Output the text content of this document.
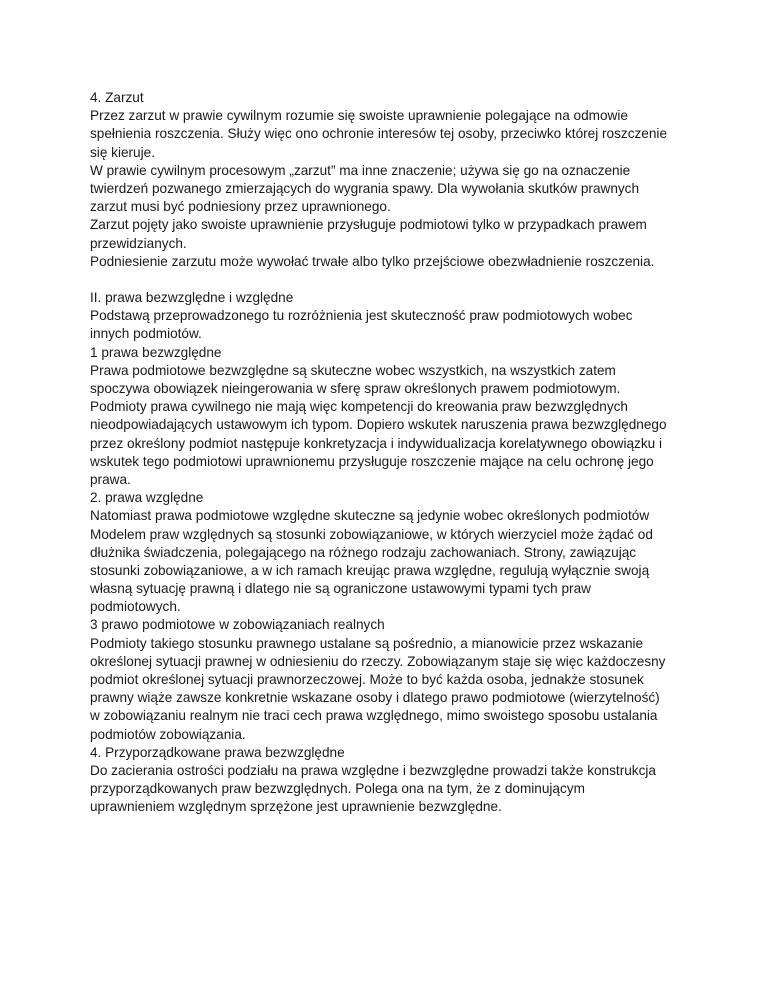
4. Zarzut
Przez zarzut w prawie cywilnym rozumie się swoiste uprawnienie polegające na odmowie
spełnienia roszczenia. Służy więc ono ochronie interesów tej osoby, przeciwko której roszczenie
się kieruje.
W prawie cywilnym procesowym „zarzut” ma inne znaczenie; używa się go na oznaczenie
twierdzeń pozwanego zmierzających do wygrania spawy. Dla wywołania skutków prawnych
zarzut musi być podniesiony przez uprawnionego.
Zarzut pojęty jako swoiste uprawnienie przysługuje podmiotowi tylko w przypadkach prawem
przewidzianych.
Podniesienie zarzutu może wywołać trwałe albo tylko przejściowe obezwładnienie roszczenia.
II. prawa bezwzględne i względne
Podstawą przeprowadzonego tu rozróżnienia jest skuteczność praw podmiotowych wobec
innych podmiotów.
1 prawa bezwzględne
Prawa podmiotowe bezwzględne są skuteczne wobec wszystkich, na wszystkich zatem
spoczywa obowiązek nieingerowania w sferę spraw określonych prawem podmiotowym.
Podmioty prawa cywilnego nie mają więc kompetencji do kreowania praw bezwzględnych
nieodpowiadających ustawowym ich typom. Dopiero wskutek naruszenia prawa bezwzględnego
przez określony podmiot następuje konkretyzacja i indywidualizacja korelatywnego obowiązku i
wskutek tego podmiotowi uprawnionemu przysługuje roszczenie mające na celu ochronę jego
prawa.
2. prawa względne
Natomiast prawa podmiotowe względne skuteczne są jedynie wobec określonych podmiotów
Modelem praw względnych są stosunki zobowiązaniowe, w których wierzyciel może żądać od
dłużnika świadczenia, polegającego na różnego rodzaju zachowaniach. Strony, zawiązując
stosunki zobowiązaniowe, a w ich ramach kreując prawa względne, regulują wyłącznie swoją
własną sytuację prawną i dlatego nie są ograniczone ustawowymi typami tych praw
podmiotowych.
3 prawo podmiotowe w zobowiązaniach realnych
Podmioty takiego stosunku prawnego ustalane są pośrednio, a mianowicie przez wskazanie
określonej sytuacji prawnej w odniesieniu do rzeczy. Zobowiązanym staje się więc każdoczesny
podmiot określonej sytuacji prawnorzeczowej. Może to być każda osoba, jednakże stosunek
prawny wiąże zawsze konkretnie wskazane osoby i dlatego prawo podmiotowe (wierzytelność)
w zobowiązaniu realnym nie traci cech prawa względnego, mimo swoistego sposobu ustalania
podmiotów zobowiązania.
4. Przyporządkowane prawa bezwzględne
Do zacierania ostrości podziału na prawa względne i bezwzględne prowadzi także konstrukcja
przyporządkowanych praw bezwzględnych. Polega ona na tym, że z dominującym
uprawnieniem względnym sprzężone jest uprawnienie bezwzględne.
